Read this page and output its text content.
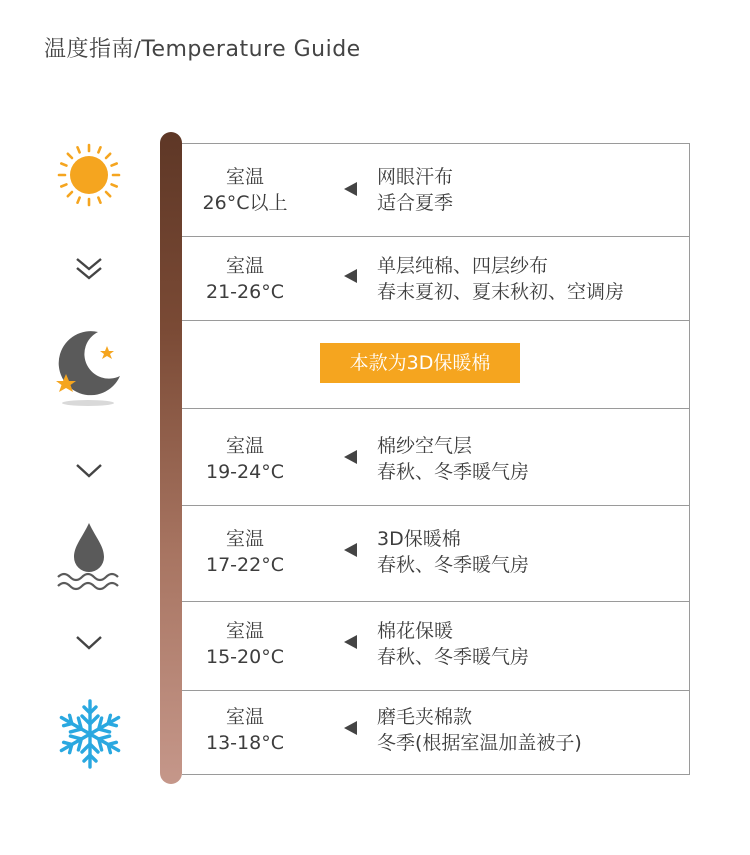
温度指南/Temperature Guide
室温
26°C以上
网眼汗布
适合夏季
室温
21-26°C
单层纯棉、四层纱布
春末夏初、夏末秋初、空调房
本款为3D保暖棉
室温
19-24°C
棉纱空气层
春秋、冬季暖气房
室温
17-22°C
3D保暖棉
春秋、冬季暖气房
室温
15-20°C
棉花保暖
春秋、冬季暖气房
室温
13-18°C
磨毛夹棉款
冬季(根据室温加盖被子)
